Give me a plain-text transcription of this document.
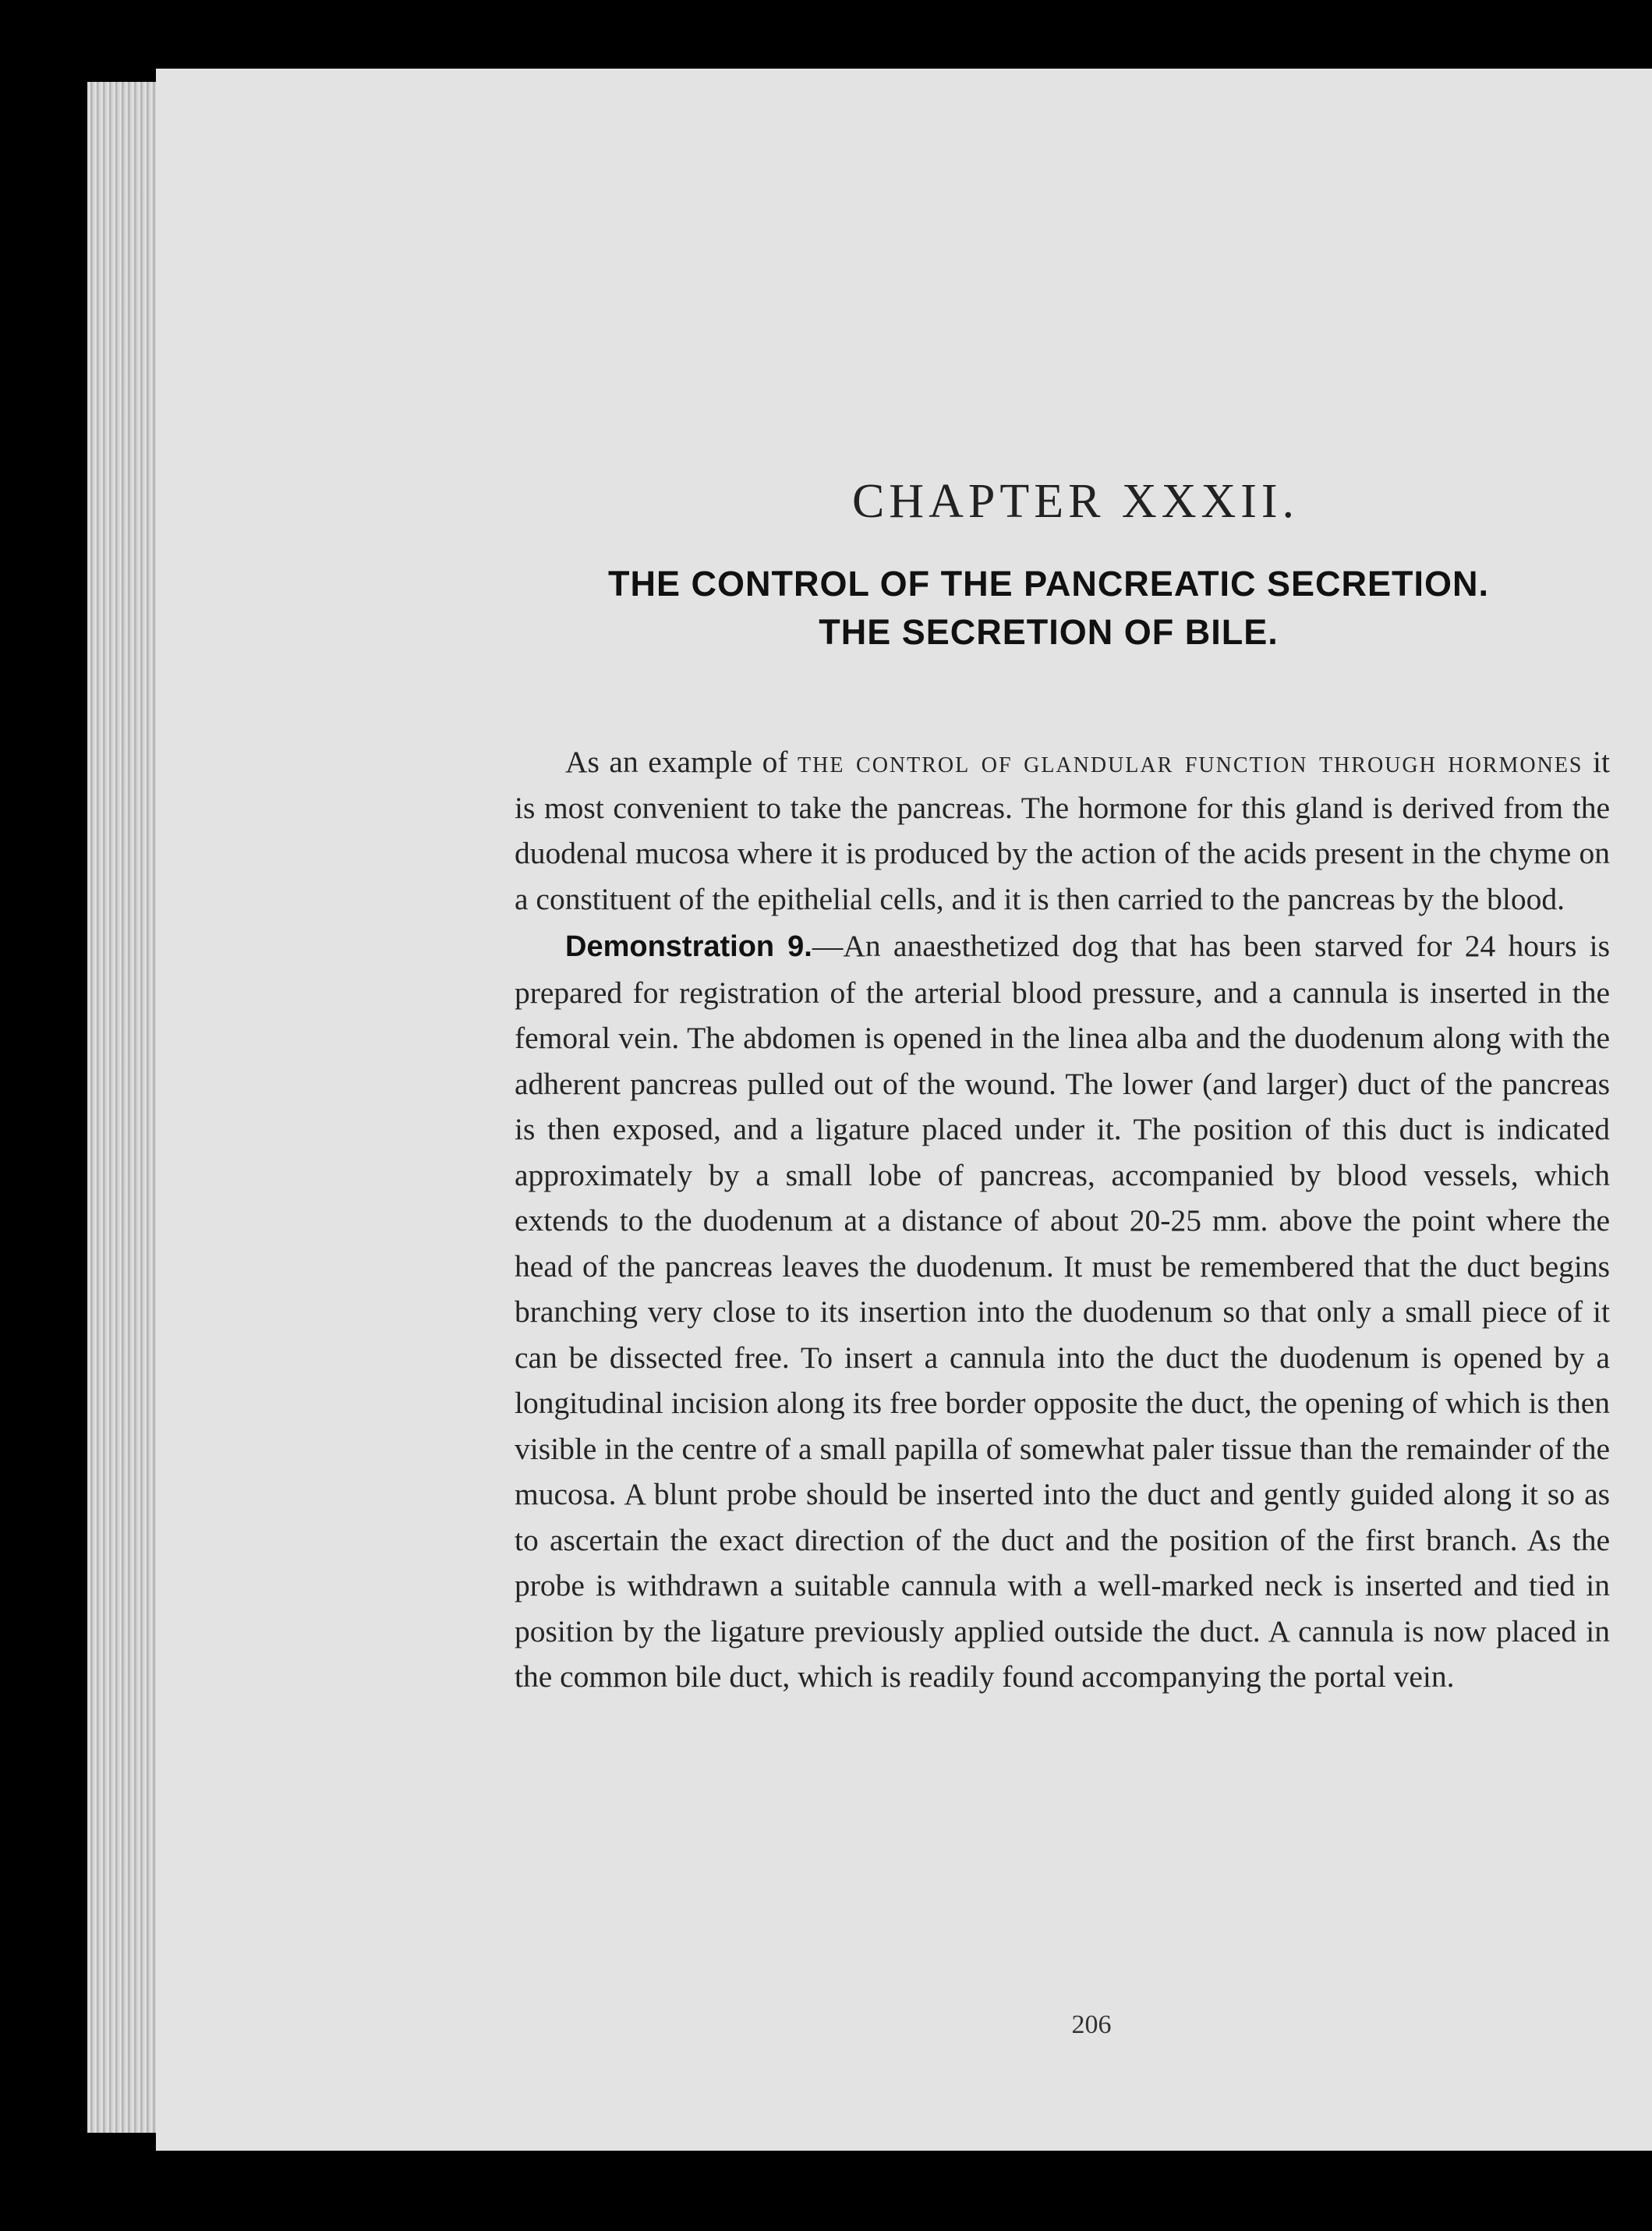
CHAPTER XXXII.
THE CONTROL OF THE PANCREATIC SECRETION.
THE SECRETION OF BILE.

As an example of the control of glandular function through hormones it is most convenient to take the pancreas. The hormone for this gland is derived from the duodenal mucosa where it is produced by the action of the acids present in the chyme on a constituent of the epithelial cells, and it is then carried to the pancreas by the blood.

Demonstration 9.—An anaesthetized dog that has been starved for 24 hours is prepared for registration of the arterial blood pressure, and a cannula is inserted in the femoral vein. The abdomen is opened in the linea alba and the duodenum along with the adherent pancreas pulled out of the wound. The lower (and larger) duct of the pancreas is then exposed, and a ligature placed under it. The position of this duct is indicated approximately by a small lobe of pancreas, accompanied by blood vessels, which extends to the duodenum at a distance of about 20-25 mm. above the point where the head of the pancreas leaves the duodenum. It must be remembered that the duct begins branching very close to its insertion into the duodenum so that only a small piece of it can be dissected free. To insert a cannula into the duct the duodenum is opened by a longitudinal incision along its free border opposite the duct, the opening of which is then visible in the centre of a small papilla of somewhat paler tissue than the remainder of the mucosa. A blunt probe should be inserted into the duct and gently guided along it so as to ascertain the exact direction of the duct and the position of the first branch. As the probe is withdrawn a suitable cannula with a well-marked neck is inserted and tied in position by the ligature previously applied outside the duct. A cannula is now placed in the common bile duct, which is readily found accompanying the portal vein.

206
